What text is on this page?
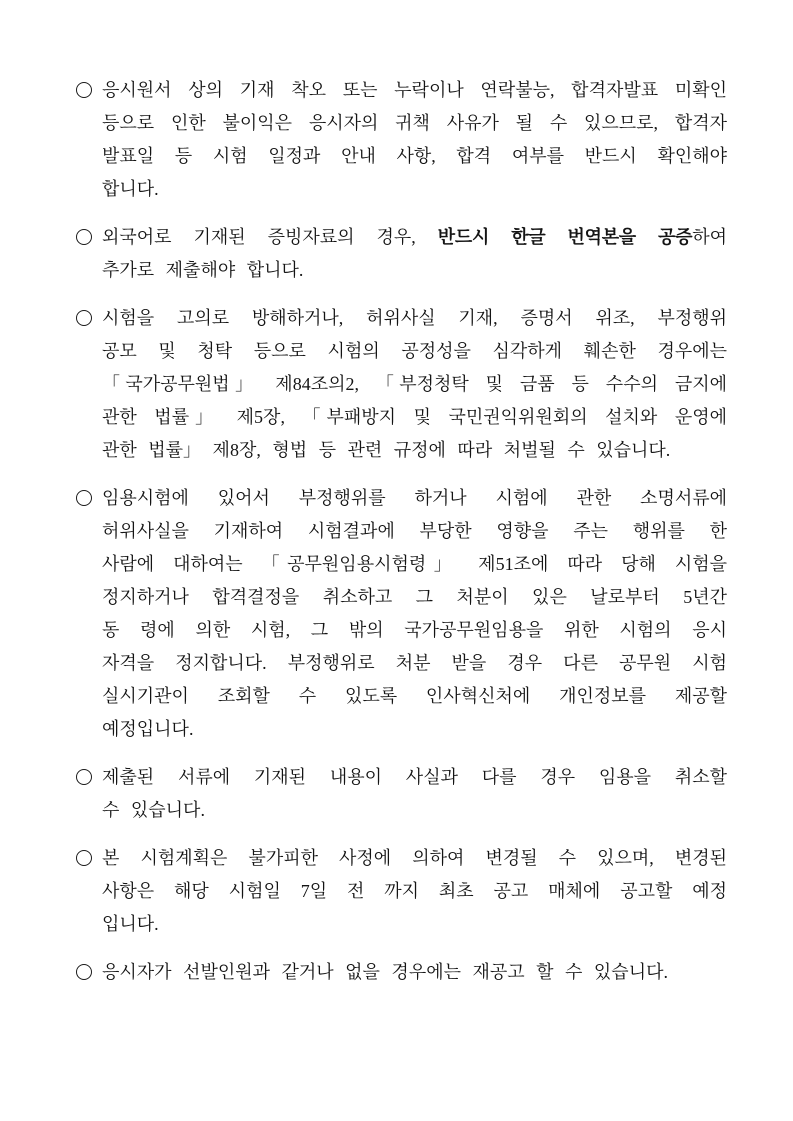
응시원서 상의 기재 착오 또는 누락이나 연락불능, 합격자발표 미확인
등으로 인한 불이익은 응시자의 귀책 사유가 될 수 있으므로, 합격자
발표일 등 시험 일정과 안내 사항, 합격 여부를 반드시 확인해야
합니다.
외국어로 기재된 증빙자료의 경우, 반드시 한글 번역본을 공증하여
추가로 제출해야 합니다.
시험을 고의로 방해하거나, 허위사실 기재, 증명서 위조, 부정행위
공모 및 청탁 등으로 시험의 공정성을 심각하게 훼손한 경우에는
「국가공무원법」 제84조의2, 「부정청탁 및 금품 등 수수의 금지에
관한 법률」 제5장, 「부패방지 및 국민권익위원회의 설치와 운영에
관한 법률」 제8장, 형법 등 관련 규정에 따라 처벌될 수 있습니다.
임용시험에 있어서 부정행위를 하거나 시험에 관한 소명서류에
허위사실을 기재하여 시험결과에 부당한 영향을 주는 행위를 한
사람에 대하여는 「공무원임용시험령」 제51조에 따라 당해 시험을
정지하거나 합격결정을 취소하고 그 처분이 있은 날로부터 5년간
동 령에 의한 시험, 그 밖의 국가공무원임용을 위한 시험의 응시
자격을 정지합니다. 부정행위로 처분 받을 경우 다른 공무원 시험
실시기관이 조회할 수 있도록 인사혁신처에 개인정보를 제공할
예정입니다.
제출된 서류에 기재된 내용이 사실과 다를 경우 임용을 취소할
수 있습니다.
본 시험계획은 불가피한 사정에 의하여 변경될 수 있으며, 변경된
사항은 해당 시험일 7일 전 까지 최초 공고 매체에 공고할 예정
입니다.
응시자가 선발인원과 같거나 없을 경우에는 재공고 할 수 있습니다.
